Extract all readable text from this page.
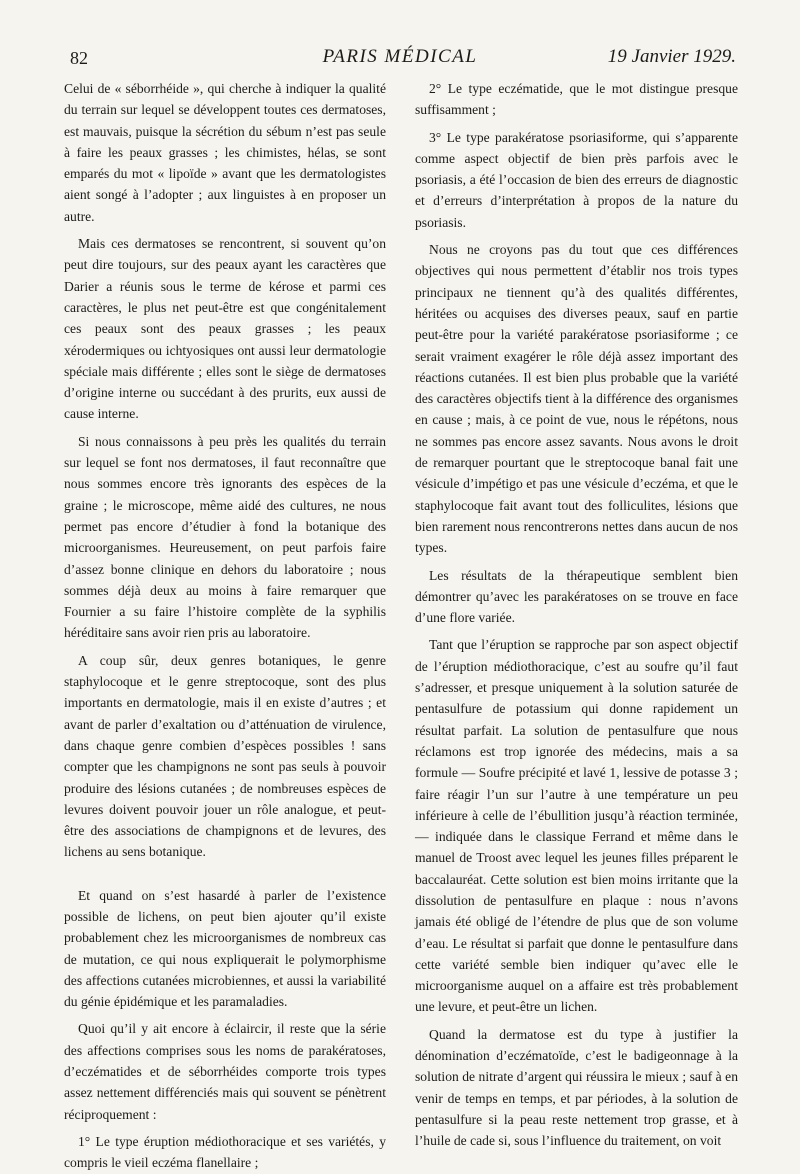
82	PARIS MÉDICAL	19 Janvier 1929.

Celui de « séborrhéide », qui cherche à indiquer la qualité du terrain sur lequel se développent toutes ces dermatoses, est mauvais, puisque la sécrétion du sébum n’est pas seule à faire les peaux grasses ; les chimistes, hélas, se sont emparés du mot « lipoïde » avant que les dermatologistes aient songé à l’adopter ; aux linguistes à en proposer un autre.

Mais ces dermatoses se rencontrent, si souvent qu’on peut dire toujours, sur des peaux ayant les caractères que Darier a réunis sous le terme de kérose et parmi ces caractères, le plus net peut-être est que congénitalement ces peaux sont des peaux grasses ; les peaux xérodermiques ou ichtyosiques ont aussi leur dermatologie spéciale mais différente ; elles sont le siège de dermatoses d’origine interne ou succédant à des prurits, eux aussi de cause interne.

Si nous connaissons à peu près les qualités du terrain sur lequel se font nos dermatoses, il faut reconnaître que nous sommes encore très ignorants des espèces de la graine ; le microscope, même aidé des cultures, ne nous permet pas encore d’étudier à fond la botanique des microorganismes. Heureusement, on peut parfois faire d’assez bonne clinique en dehors du laboratoire ; nous sommes déjà deux au moins à faire remarquer que Fournier a su faire l’histoire complète de la syphilis héréditaire sans avoir rien pris au laboratoire.

A coup sûr, deux genres botaniques, le genre staphylocoque et le genre streptocoque, sont des plus importants en dermatologie, mais il en existe d’autres ; et avant de parler d’exaltation ou d’atténuation de virulence, dans chaque genre combien d’espèces possibles ! sans compter que les champignons ne sont pas seuls à pouvoir produire des lésions cutanées ; de nombreuses espèces de levures doivent pouvoir jouer un rôle analogue, et peut-être des associations de champignons et de levures, des lichens au sens botanique.

Et quand on s’est hasardé à parler de l’existence possible de lichens, on peut bien ajouter qu’il existe probablement chez les microorganismes de nombreux cas de mutation, ce qui nous expliquerait le polymorphisme des affections cutanées microbiennes, et aussi la variabilité du génie épidémique et les paramaladies.

Quoi qu’il y ait encore à éclaircir, il reste que la série des affections comprises sous les noms de parakératoses, d’eczématides et de séborrhéides comporte trois types assez nettement différenciés mais qui souvent se pénètrent réciproquement :

1° Le type éruption médiothoracique et ses variétés, y compris le vieil eczéma flanellaire ;

2° Le type eczématide, que le mot distingue presque suffisamment ;

3° Le type parakératose psoriasiforme, qui s’apparente comme aspect objectif de bien près parfois avec le psoriasis, a été l’occasion de bien des erreurs de diagnostic et d’erreurs d’interprétation à propos de la nature du psoriasis.

Nous ne croyons pas du tout que ces différences objectives qui nous permettent d’établir nos trois types principaux ne tiennent qu’à des qualités différentes, héritées ou acquises des diverses peaux, sauf en partie peut-être pour la variété parakératose psoriasiforme ; ce serait vraiment exagérer le rôle déjà assez important des réactions cutanées. Il est bien plus probable que la variété des caractères objectifs tient à la différence des organismes en cause ; mais, à ce point de vue, nous le répétons, nous ne sommes pas encore assez savants. Nous avons le droit de remarquer pourtant que le streptocoque banal fait une vésicule d’impétigo et pas une vésicule d’eczéma, et que le staphylocoque fait avant tout des folliculites, lésions que bien rarement nous rencontrerons nettes dans aucun de nos types.

Les résultats de la thérapeutique semblent bien démontrer qu’avec les parakératoses on se trouve en face d’une flore variée.

Tant que l’éruption se rapproche par son aspect objectif de l’éruption médiothoracique, c’est au soufre qu’il faut s’adresser, et presque uniquement à la solution saturée de pentasulfure de potassium qui donne rapidement un résultat parfait. La solution de pentasulfure que nous réclamons est trop ignorée des médecins, mais a sa formule — Soufre précipité et lavé 1, lessive de potasse 3 ; faire réagir l’un sur l’autre à une température un peu inférieure à celle de l’ébullition jusqu’à réaction terminée, — indiquée dans le classique Ferrand et même dans le manuel de Troost avec lequel les jeunes filles préparent le baccalauréat. Cette solution est bien moins irritante que la dissolution de pentasulfure en plaque : nous n’avons jamais été obligé de l’étendre de plus que de son volume d’eau. Le résultat si parfait que donne le pentasulfure dans cette variété semble bien indiquer qu’avec elle le microorganisme auquel on a affaire est très probablement une levure, et peut-être un lichen.

Quand la dermatose est du type à justifier la dénomination d’eczématoïde, c’est le badigeonnage à la solution de nitrate d’argent qui réussira le mieux ; sauf à en venir de temps en temps, et par périodes, à la solution de pentasulfure si la peau reste nettement trop grasse, et à l’huile de cade si, sous l’influence du traitement, on voit
